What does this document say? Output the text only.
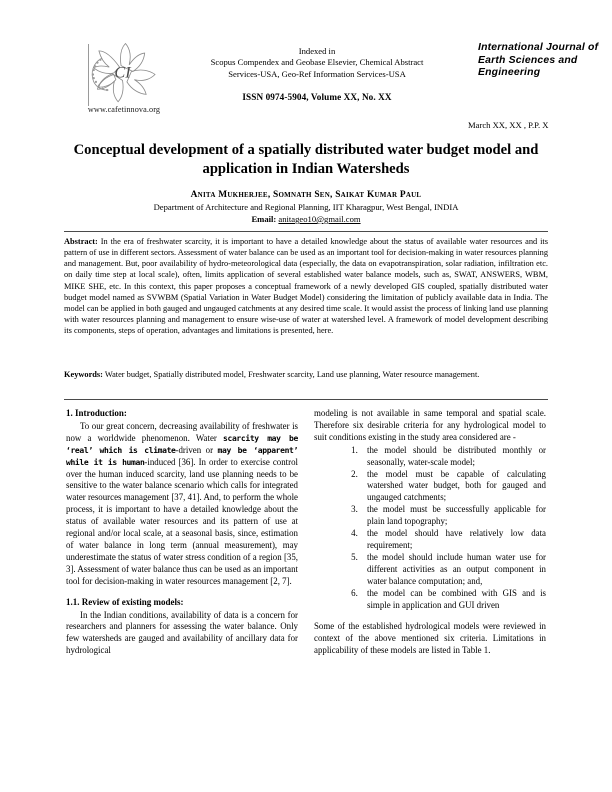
CI
www.cafetinnova.org
Indexed in
Scopus Compendex and Geobase Elsevier, Chemical Abstract
Services-USA, Geo-Ref Information Services-USA
ISSN 0974-5904, Volume XX, No. XX
International Journal of Earth Sciences and Engineering
March XX, XX , P.P. X
Conceptual development of a spatially distributed water budget model and application in Indian Watersheds
Anita Mukherjee, Somnath Sen, Saikat Kumar Paul
Department of Architecture and Regional Planning, IIT Kharagpur, West Bengal, INDIA
Email: anitageo10@gmail.com
Abstract: In the era of freshwater scarcity, it is important to have a detailed knowledge about the status of available water resources and its pattern of use in different sectors. Assessment of water balance can be used as an important tool for decision-making in water resources planning and management. But, poor availability of hydro-meteorological data (especially, the data on evapotranspiration, solar radiation, infiltration etc. on daily time step at local scale), often, limits application of several established water balance models, such as, SWAT, ANSWERS, WBM, MIKE SHE, etc. In this context, this paper proposes a conceptual framework of a newly developed GIS coupled, spatially distributed water budget model named as SVWBM (Spatial Variation in Water Budget Model) considering the limitation of publicly available data in India. The model can be applied in both gauged and ungauged catchments at any desired time scale. It would assist the process of linking land use planning with water resources planning and management to ensure wise-use of water at watershed level. A framework of model development describing its components, steps of operation, advantages and limitations is presented, here.
Keywords: Water budget, Spatially distributed model, Freshwater scarcity, Land use planning, Water resource management.
1. Introduction:

To our great concern, decreasing availability of freshwater is now a worldwide phenomenon. Water scarcity may be ‘real’ which is climate-driven or may be ‘apparent’ while it is human-induced [36]. In order to exercise control over the human induced scarcity, land use planning needs to be sensitive to the water balance scenario which calls for integrated water resources management [37, 41]. And, to perform the whole process, it is important to have a detailed knowledge about the status of available water resources and its pattern of use at regional and/or local scale, at a seasonal basis, since, estimation of water balance in long term (annual measurement), may underestimate the status of water stress condition of a region [35, 3]. Assessment of water balance thus can be used as an important tool for decision-making in water resources management [2, 7].

1.1. Review of existing models:

In the Indian conditions, availability of data is a concern for researchers and planners for assessing the water balance. Only few watersheds are gauged and availability of ancillary data for hydrological

modeling is not available in same temporal and spatial scale. Therefore six desirable criteria for any hydrological model to suit conditions existing in the study area considered are -

1. the model should be distributed monthly or seasonally, water-scale model;
2. the model must be capable of calculating watershed water budget, both for gauged and ungauged catchments;
3. the model must be successfully applicable for plain land topography;
4. the model should have relatively low data requirement;
5. the model should include human water use for different activities as an output component in water balance computation; and,
6. the model can be combined with GIS and is simple in application and GUI driven

Some of the established hydrological models were reviewed in context of the above mentioned six criteria. Limitations in applicability of these models are listed in Table 1.
